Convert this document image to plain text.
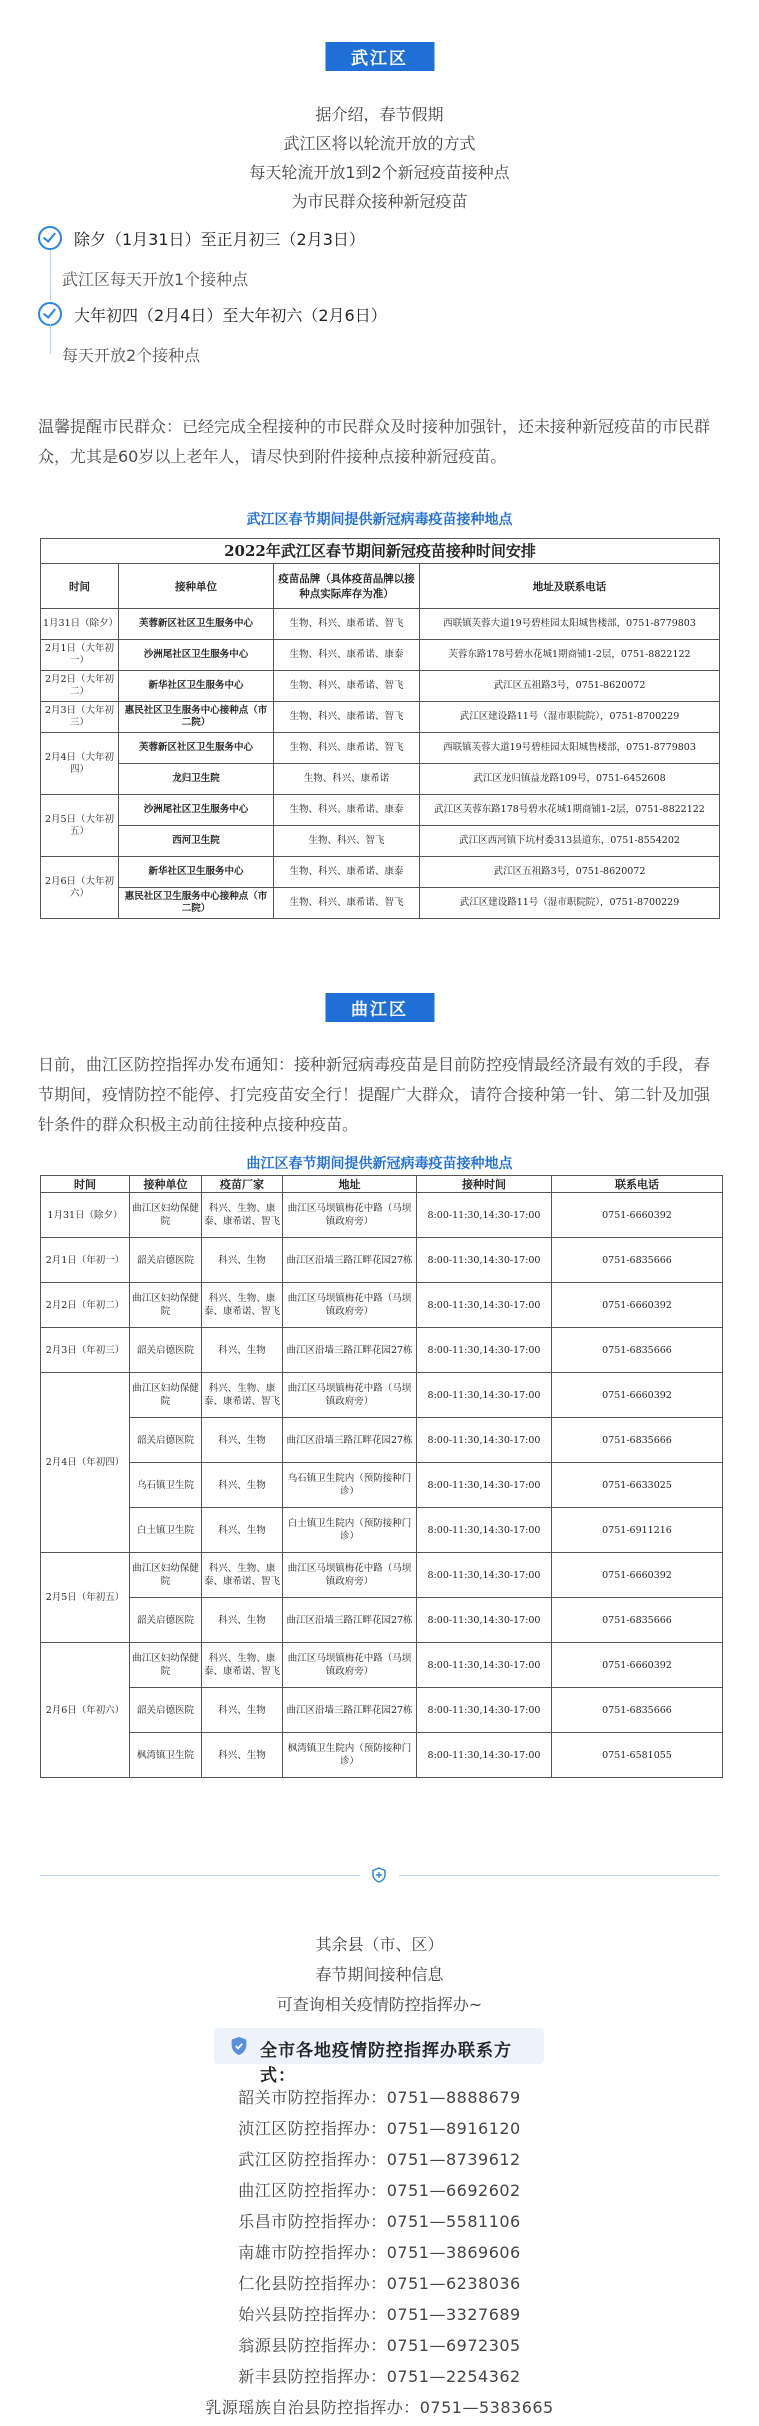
武江区
据介绍，春节假期
武江区将以轮流开放的方式
每天轮流开放1到2个新冠疫苗接种点
为市民群众接种新冠疫苗
除夕（1月31日）至正月初三（2月3日）
武江区每天开放1个接种点
大年初四（2月4日）至大年初六（2月6日）
每天开放2个接种点
温馨提醒市民群众：已经完成全程接种的市民群众及时接种加强针，还未接种新冠疫苗的市民群众，尤其是60岁以上老年人，请尽快到附件接种点接种新冠疫苗。
武江区春节期间提供新冠病毒疫苗接种地点
2022年武江区春节期间新冠疫苗接种时间安排			
时间	接种单位	疫苗品牌（具体疫苗品牌以接种点实际库存为准）	地址及联系电话
1月31日（除夕）	芙蓉新区社区卫生服务中心	生物、科兴、康希诺、智飞	西联镇芙蓉大道19号碧桂园太阳城售楼部，0751-8779803
2月1日（大年初一）	沙洲尾社区卫生服务中心	生物、科兴、康希诺、康泰	芙蓉东路178号碧水花城1期商铺1-2层，0751-8822122
2月2日（大年初二）	新华社区卫生服务中心	生物、科兴、康希诺、智飞	武江区五祖路3号，0751-8620072
2月3日（大年初三）	惠民社区卫生服务中心接种点（市二院）	生物、科兴、康希诺、智飞	武江区建设路11号（湿市职院院），0751-8700229
2月4日（大年初四）	芙蓉新区社区卫生服务中心	生物、科兴、康希诺、智飞	西联镇芙蓉大道19号碧桂园太阳城售楼部，0751-8779803
	龙归卫生院	生物、科兴、康希诺	武江区龙归镇益龙路109号，0751-6452608
2月5日（大年初五）	沙洲尾社区卫生服务中心	生物、科兴、康希诺、康泰	武江区芙蓉东路178号碧水花城1期商铺1-2层，0751-8822122
	西河卫生院	生物、科兴、智飞	武江区西河镇下坑村委313县道东，0751-8554202
2月6日（大年初六）	新华社区卫生服务中心	生物、科兴、康希诺、康泰	武江区五祖路3号，0751-8620072
	惠民社区卫生服务中心接种点（市二院）	生物、科兴、康希诺、智飞	武江区建设路11号（湿市职院院），0751-8700229
曲江区
日前，曲江区防控指挥办发布通知：接种新冠病毒疫苗是目前防控疫情最经济最有效的手段，春节期间，疫情防控不能停、打完疫苗安全行！提醒广大群众，请符合接种第一针、第二针及加强针条件的群众积极主动前往接种点接种疫苗。
曲江区春节期间提供新冠病毒疫苗接种地点
时间	接种单位	疫苗厂家	地址	接种时间	联系电话
1月31日（除夕）	曲江区妇幼保健院	科兴、生物、康泰、康希诺、智飞	曲江区马坝镇梅花中路（马坝镇政府旁）	8:00-11:30,14:30-17:00	0751-6660392
2月1日（年初一）	韶关启德医院	科兴、生物	曲江区沿墙三路江畔花园27栋	8:00-11:30,14:30-17:00	0751-6835666
2月2日（年初二）	曲江区妇幼保健院	科兴、生物、康泰、康希诺、智飞	曲江区马坝镇梅花中路（马坝镇政府旁）	8:00-11:30,14:30-17:00	0751-6660392
2月3日（年初三）	韶关启德医院	科兴、生物	曲江区沿墙三路江畔花园27栋	8:00-11:30,14:30-17:00	0751-6835666
2月4日（年初四）	曲江区妇幼保健院	科兴、生物、康泰、康希诺、智飞	曲江区马坝镇梅花中路（马坝镇政府旁）	8:00-11:30,14:30-17:00	0751-6660392
	韶关启德医院	科兴、生物	曲江区沿墙三路江畔花园27栋	8:00-11:30,14:30-17:00	0751-6835666
	乌石镇卫生院	科兴、生物	乌石镇卫生院内（预防接种门诊）	8:00-11:30,14:30-17:00	0751-6633025
	白土镇卫生院	科兴、生物	白土镇卫生院内（预防接种门诊）	8:00-11:30,14:30-17:00	0751-6911216
2月5日（年初五）	曲江区妇幼保健院	科兴、生物、康泰、康希诺、智飞	曲江区马坝镇梅花中路（马坝镇政府旁）	8:00-11:30,14:30-17:00	0751-6660392
	韶关启德医院	科兴、生物	曲江区沿墙三路江畔花园27栋	8:00-11:30,14:30-17:00	0751-6835666
2月6日（年初六）	曲江区妇幼保健院	科兴、生物、康泰、康希诺、智飞	曲江区马坝镇梅花中路（马坝镇政府旁）	8:00-11:30,14:30-17:00	0751-6660392
	韶关启德医院	科兴、生物	曲江区沿墙三路江畔花园27栋	8:00-11:30,14:30-17:00	0751-6835666
	枫湾镇卫生院	科兴、生物	枫湾镇卫生院内（预防接种门诊）	8:00-11:30,14:30-17:00	0751-6581055
其余县（市、区）
春节期间接种信息
可查询相关疫情防控指挥办~
全市各地疫情防控指挥办联系方式：
韶关市防控指挥办：0751—8888679
浈江区防控指挥办：0751—8916120
武江区防控指挥办：0751—8739612
曲江区防控指挥办：0751—6692602
乐昌市防控指挥办：0751—5581106
南雄市防控指挥办：0751—3869606
仁化县防控指挥办：0751—6238036
始兴县防控指挥办：0751—3327689
翁源县防控指挥办：0751—6972305
新丰县防控指挥办：0751—2254362
乳源瑶族自治县防控指挥办：0751—5383665
